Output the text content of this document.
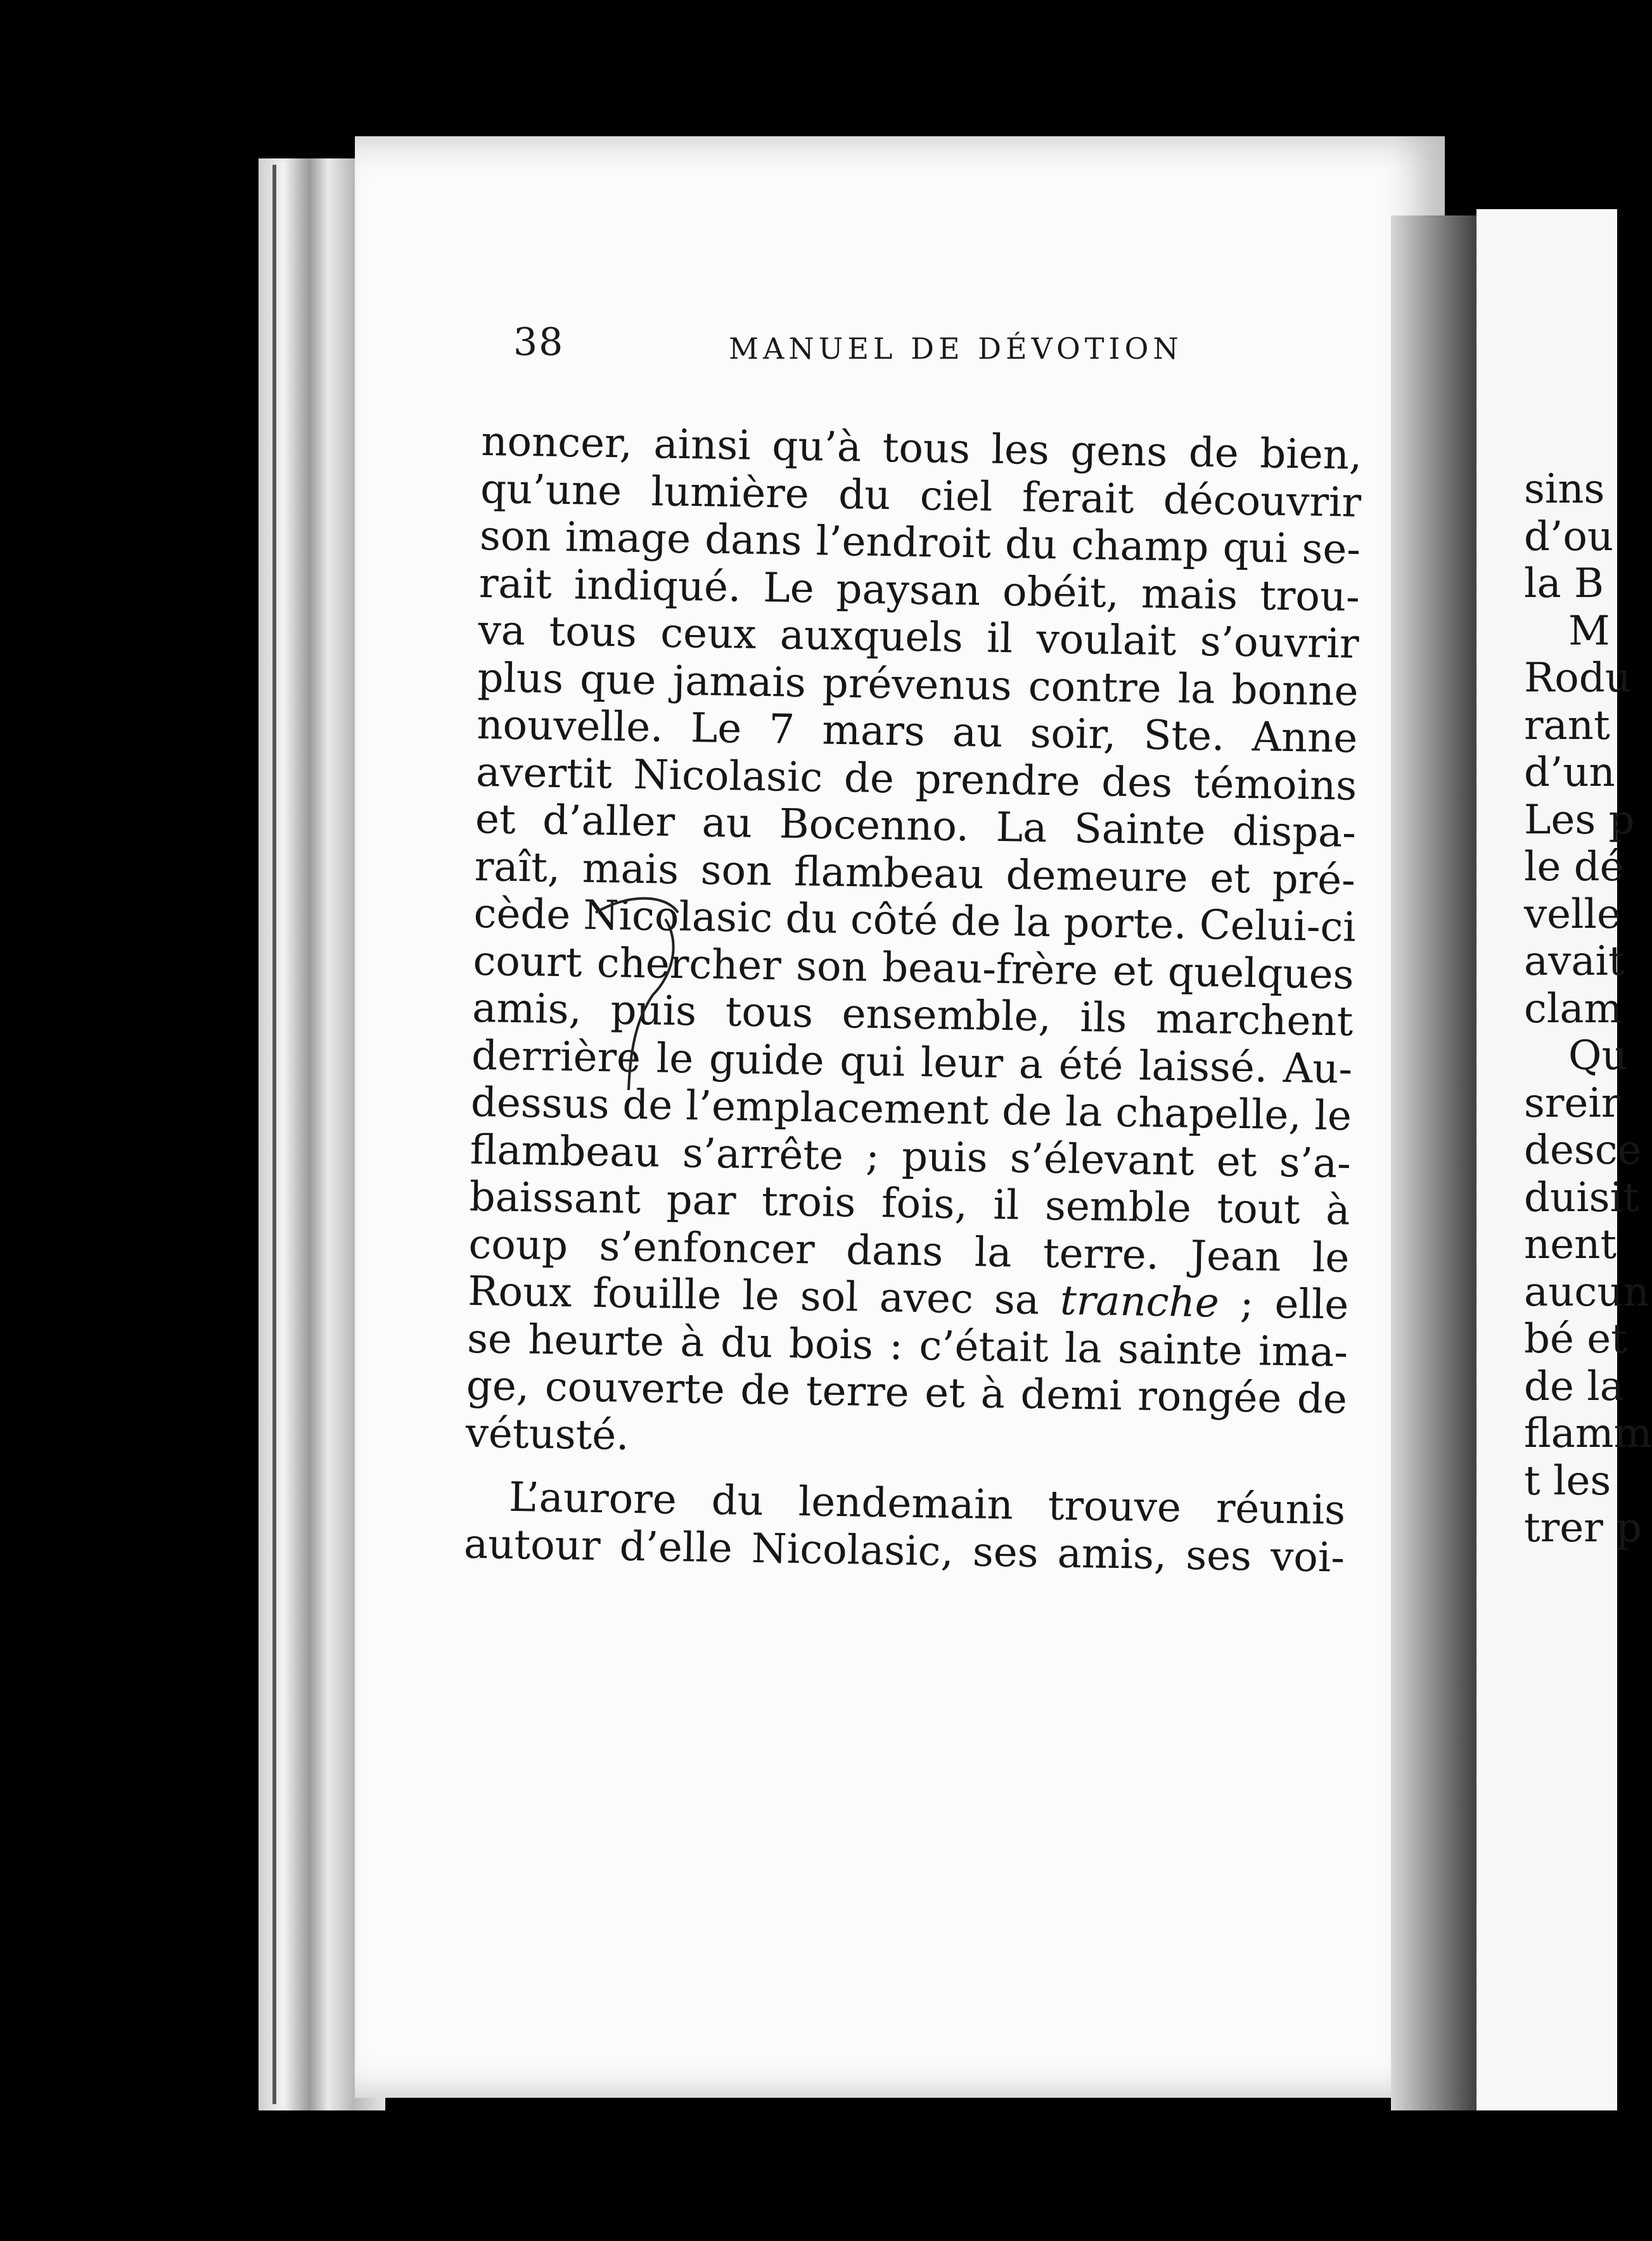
38	MANUEL DE DÉVOTION
noncer, ainsi qu’à tous les gens de bien,
qu’une lumière du ciel ferait découvrir
son image dans l’endroit du champ qui se-
rait indiqué. Le paysan obéit, mais trou-
va tous ceux auxquels il voulait s’ouvrir
plus que jamais prévenus contre la bonne
nouvelle. Le 7 mars au soir, Ste. Anne
avertit Nicolasic de prendre des témoins
et d’aller au Bocenno. La Sainte dispa-
raît, mais son flambeau demeure et pré-
cède Nicolasic du côté de la porte. Celui-ci
court chercher son beau-frère et quelques
amis, puis tous ensemble, ils marchent
derrière le guide qui leur a été laissé. Au-
dessus de l’emplacement de la chapelle, le
flambeau s’arrête ; puis s’élevant et s’a-
baissant par trois fois, il semble tout à
coup s’enfoncer dans la terre. Jean le
Roux fouille le sol avec sa tranche ; elle
se heurte à du bois : c’était la sainte ima-
ge, couverte de terre et à demi rongée de
vétusté.
L’aurore du lendemain trouve réunis
autour d’elle Nicolasic, ses amis, ses voi-
sins
d’ou
la B
M
Rodu
rant
d’un
Les p
le dé
velle
avait
clam
Qu
sreir
desce
duisit
nent
aucun
bé et
de la
flamm
t les
trer p
